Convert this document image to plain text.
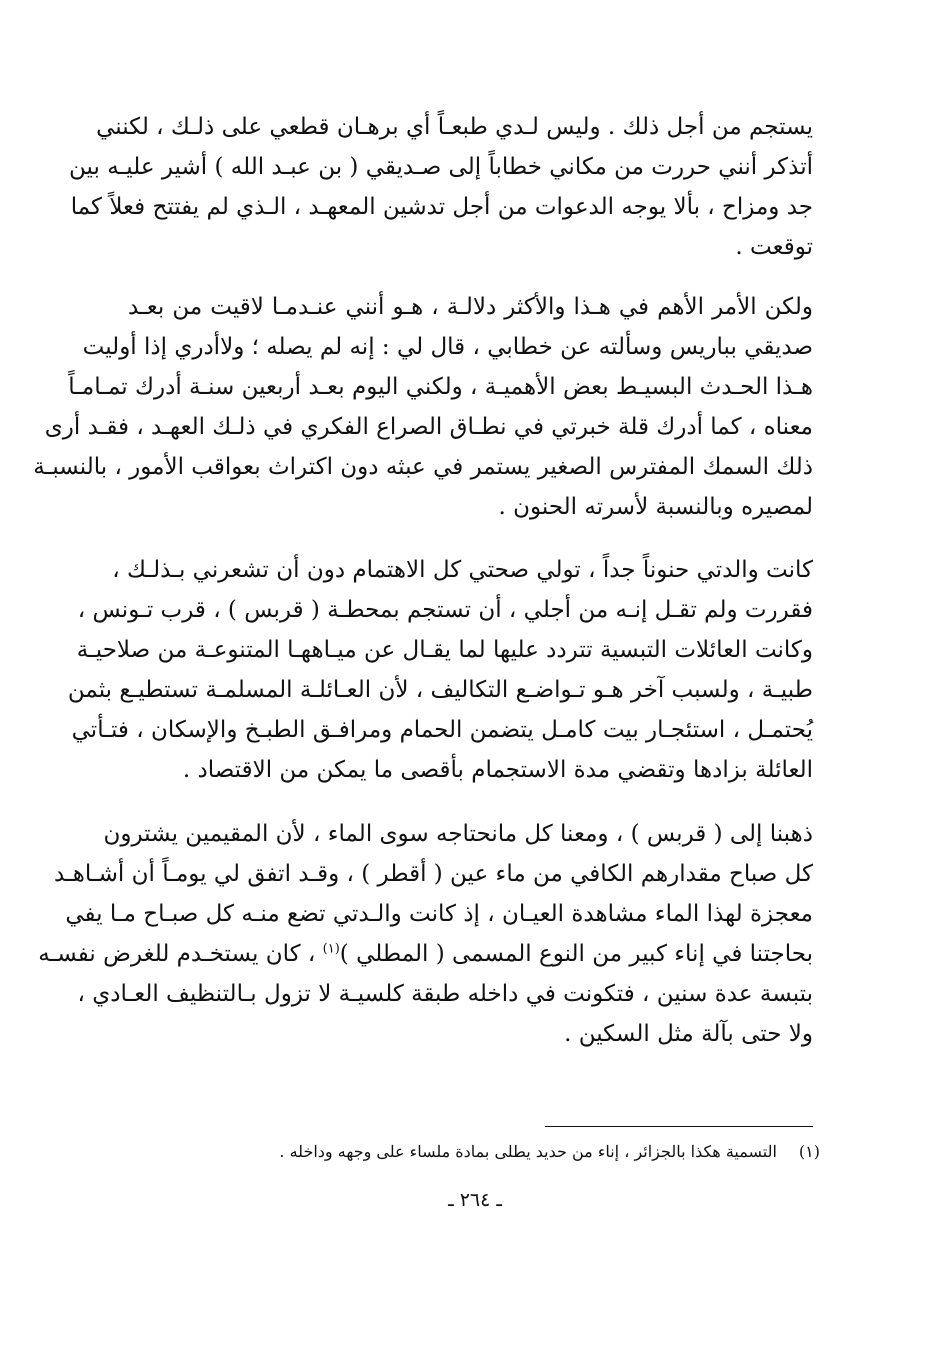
يستجم من أجل ذلك . وليس لـدي طبعـاً أي برهـان قطعي على ذلـك ، لكنني
أتذكر أنني حررت من مكاني خطاباً إلى صـديقي ( بن عبـد الله ) أشير عليـه بين
جد ومزاح ، بألا يوجه الدعوات من أجل تدشين المعهـد ، الـذي لم يفتتح فعلاً كما
توقعت .

ولكن الأمر الأهم في هـذا والأكثر دلالـة ، هـو أنني عنـدمـا لاقيت من بعـد
صديقي بباريس وسألته عن خطابي ، قال لي : إنه لم يصله ؛ ولاأدري إذا أوليت
هـذا الحـدث البسيـط بعض الأهميـة ، ولكني اليوم بعـد أربعين سنـة أدرك تمـامـاً
معناه ، كما أدرك قلة خبرتي في نطـاق الصراع الفكري في ذلـك العهـد ، فقـد أرى
ذلك السمك المفترس الصغير يستمر في عبثه دون اكتراث بعواقب الأمور ، بالنسبـة
لمصيره وبالنسبة لأسرته الحنون .

كانت والدتي حنوناً جداً ، تولي صحتي كل الاهتمام دون أن تشعرني بـذلـك ،
فقررت ولم تقـل إنـه من أجلي ، أن تستجم بمحطـة ( قربس ) ، قرب تـونس ،
وكانت العائلات التبسية تتردد عليها لما يقـال عن ميـاههـا المتنوعـة من صلاحيـة
طبيـة ، ولسبب آخر هـو تـواضـع التكاليف ، لأن العـائلـة المسلمـة تستطيـع بثمن
يُحتمـل ، استئجـار بيت كامـل يتضمن الحمام ومرافـق الطبـخ والإسكان ، فتـأتي
العائلة بزادها وتقضي مدة الاستجمام بأقصى ما يمكن من الاقتصاد .

ذهبنا إلى ( قربس ) ، ومعنا كل مانحتاجه سوى الماء ، لأن المقيمين يشترون
كل صباح مقدارهم الكافي من ماء عين ( أقطر ) ، وقـد اتفق لي يومـاً أن أشـاهـد
معجزة لهذا الماء مشاهدة العيـان ، إذ كانت والـدتي تضع منـه كل صبـاح مـا يفي
بحاجتنا في إناء كبير من النوع المسمى ( المطلي )$^{(١)}$ ، كان يستخـدم للغرض نفسـه
بتبسة عدة سنين ، فتكونت في داخله طبقة كلسيـة لا تزول بـالتنظيف العـادي ،
ولا حتى بآلة مثل السكين .

(١)التسمية هكذا بالجزائر ، إناء من حديد يطلى بمادة ملساء على وجهه وداخله .
ـ ٢٦٤ ـ
